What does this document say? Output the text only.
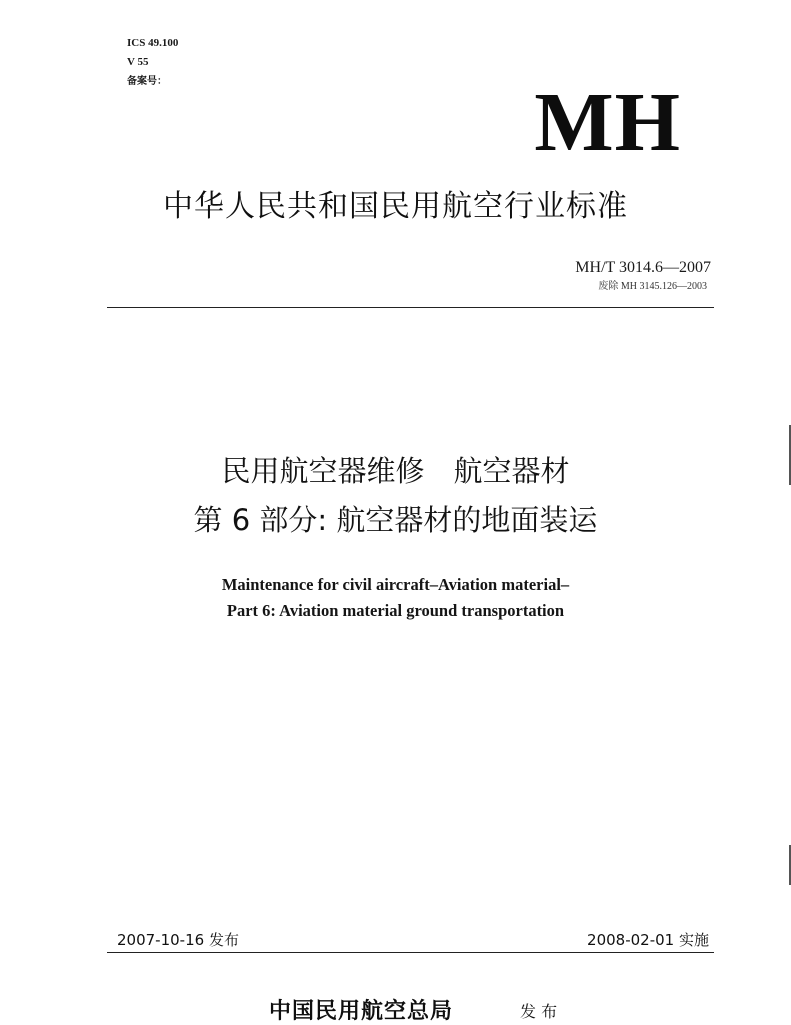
ICS 49.100
V 55
备案号：	MH
中华人民共和国民用航空行业标准
MH/T 3014.6—2007
废除 MH 3145.126—2003
民用航空器维修　航空器材
第 6 部分: 航空器材的地面装运
Maintenance for civil aircraft–Aviation material–
Part 6: Aviation material ground transportation
2007-10-16 发布	2008-02-01 实施
中国民用航空总局	发 布
